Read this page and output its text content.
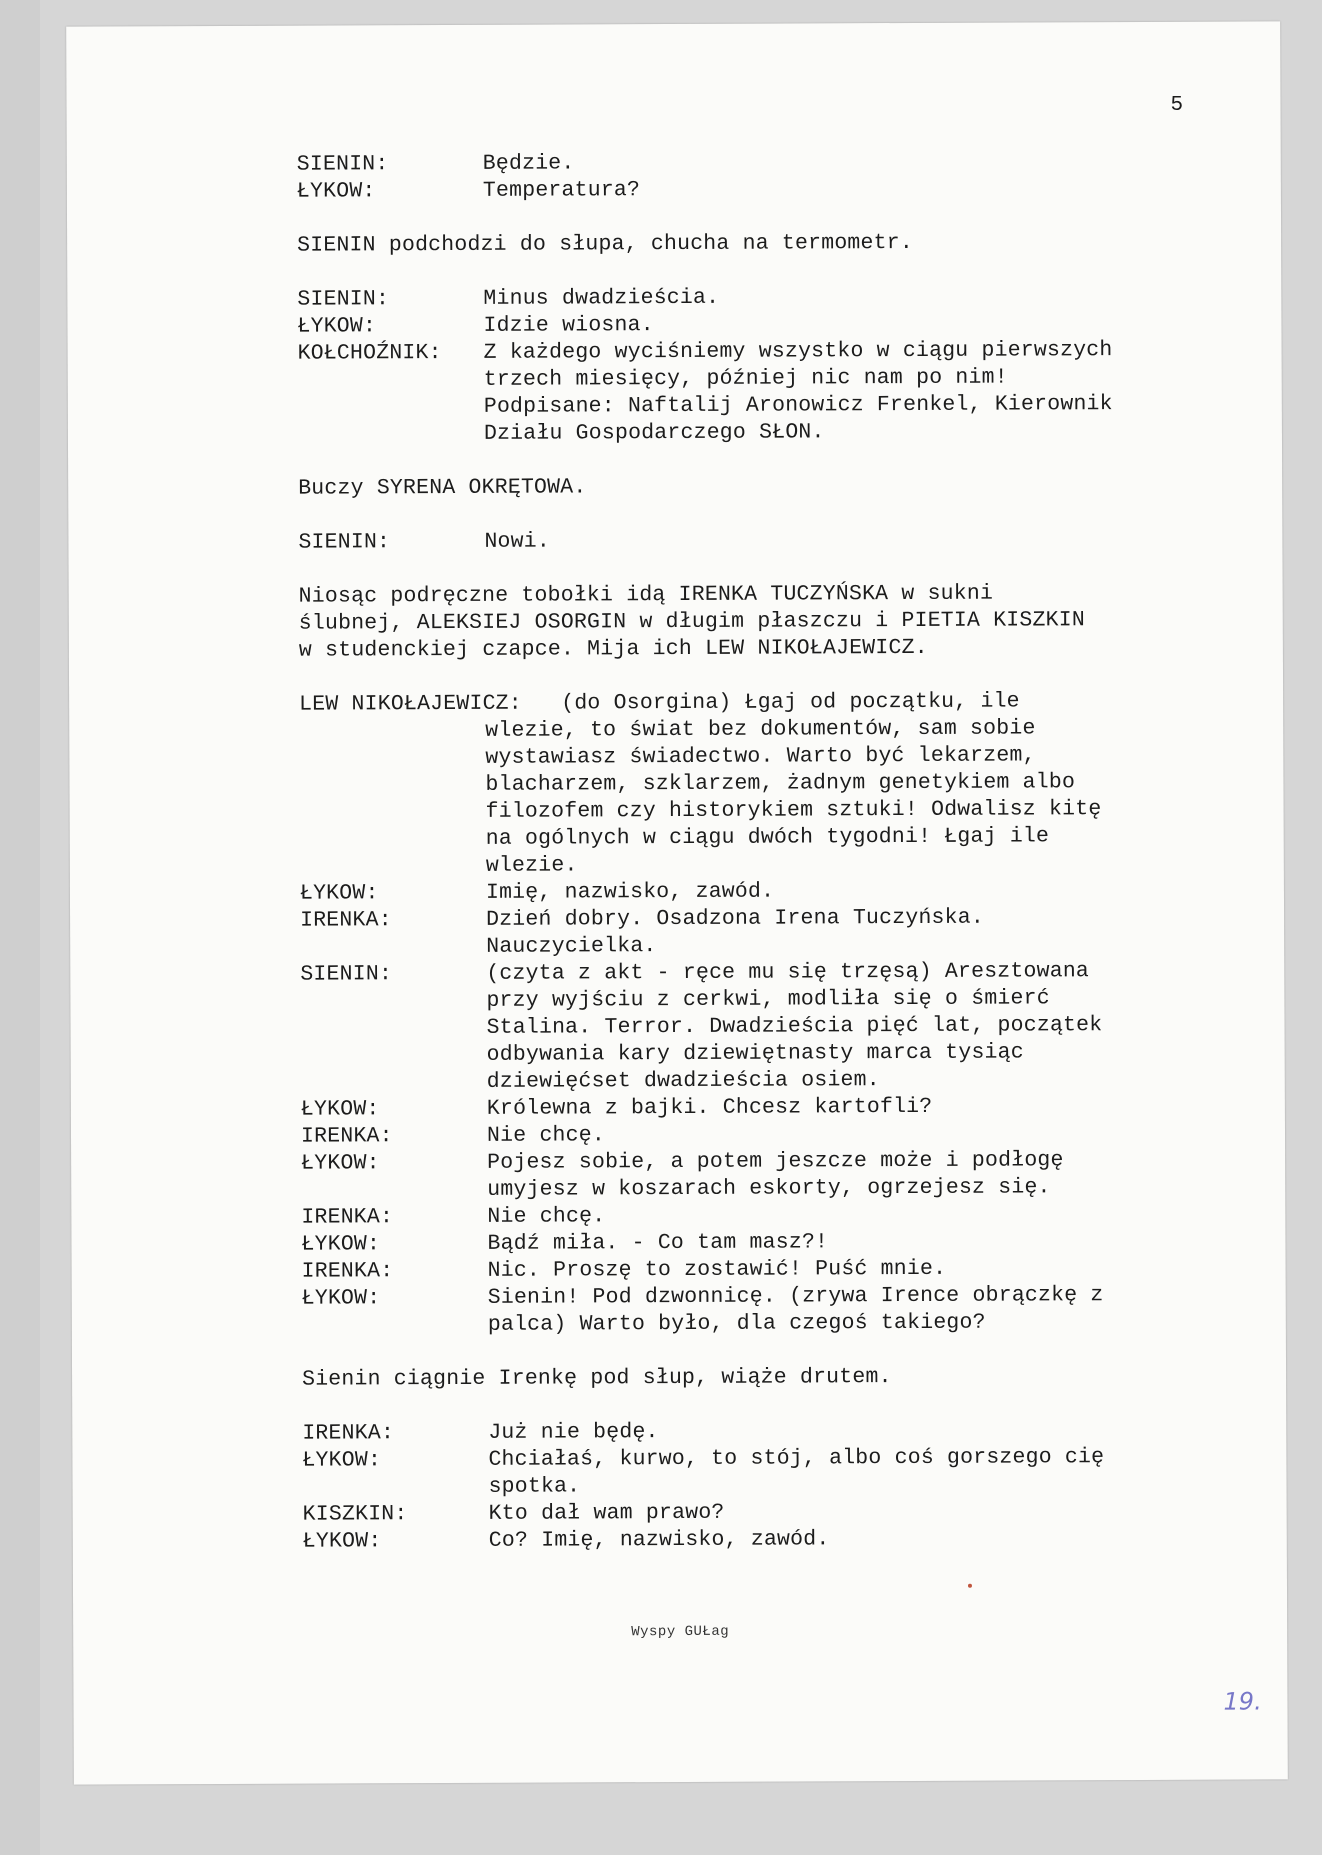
5
SIENIN:	Będzie.
ŁYKOW:	Temperatura?
SIENIN podchodzi do słupa, chucha na termometr.
SIENIN:	Minus dwadzieścia.
ŁYKOW:	Idzie wiosna.
KOŁCHOŹNIK:	Z każdego wyciśniemy wszystko w ciągu pierwszych
trzech miesięcy, później nic nam po nim!
Podpisane: Naftalij Aronowicz Frenkel, Kierownik
Działu Gospodarczego SŁON.
Buczy SYRENA OKRĘTOWA.
SIENIN:	Nowi.
Niosąc podręczne tobołki idą IRENKA TUCZYŃSKA w sukni
ślubnej, ALEKSIEJ OSORGIN w długim płaszczu i PIETIA KISZKIN
w studenckiej czapce. Mija ich LEW NIKOŁAJEWICZ.
LEW NIKOŁAJEWICZ: (do Osorgina) Łgaj od początku, ile
wlezie, to świat bez dokumentów, sam sobie
wystawiasz świadectwo. Warto być lekarzem,
blacharzem, szklarzem, żadnym genetykiem albo
filozofem czy historykiem sztuki! Odwalisz kitę
na ogólnych w ciągu dwóch tygodni! Łgaj ile
wlezie.
ŁYKOW:	Imię, nazwisko, zawód.
IRENKA:	Dzień dobry. Osadzona Irena Tuczyńska.
Nauczycielka.
SIENIN:	(czyta z akt - ręce mu się trzęsą) Aresztowana
przy wyjściu z cerkwi, modliła się o śmierć
Stalina. Terror. Dwadzieścia pięć lat, początek
odbywania kary dziewiętnasty marca tysiąc
dziewięćset dwadzieścia osiem.
ŁYKOW:	Królewna z bajki. Chcesz kartofli?
IRENKA:	Nie chcę.
ŁYKOW:	Pojesz sobie, a potem jeszcze może i podłogę
umyjesz w koszarach eskorty, ogrzejesz się.
IRENKA:	Nie chcę.
ŁYKOW:	Bądź miła. - Co tam masz?!
IRENKA:	Nic. Proszę to zostawić! Puść mnie.
ŁYKOW:	Sienin! Pod dzwonnicę. (zrywa Irence obrączkę z
palca) Warto było, dla czegoś takiego?
Sienin ciągnie Irenkę pod słup, wiąże drutem.
IRENKA:	Już nie będę.
ŁYKOW:	Chciałaś, kurwo, to stój, albo coś gorszego cię
spotka.
KISZKIN:	Kto dał wam prawo?
ŁYKOW:	Co? Imię, nazwisko, zawód.
Wyspy GUŁag
19.
